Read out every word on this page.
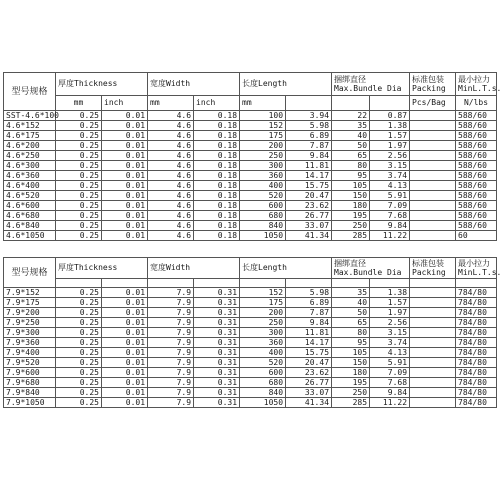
型号规格	厚度Thickness		宽度Width		长度Length		捆绑直径Max.Bundle Dia		标准包装 Packing	最小拉力 MinL.T.s.
	mm	inch	mm	inch	mm				Pcs/Bag	N/lbs
SST-4.6*100	0.25	0.01	4.6	0.18	100	3.94	22	0.87		588/60
4.6*152	0.25	0.01	4.6	0.18	152	5.98	35	1.38		588/60
4.6*175	0.25	0.01	4.6	0.18	175	6.89	40	1.57		588/60
4.6*200	0.25	0.01	4.6	0.18	200	7.87	50	1.97		588/60
4.6*250	0.25	0.01	4.6	0.18	250	9.84	65	2.56		588/60
4.6*300	0.25	0.01	4.6	0.18	300	11.81	80	3.15		588/60
4.6*360	0.25	0.01	4.6	0.18	360	14.17	95	3.74		588/60
4.6*400	0.25	0.01	4.6	0.18	400	15.75	105	4.13		588/60
4.6*520	0.25	0.01	4.6	0.18	520	20.47	150	5.91		588/60
4.6*600	0.25	0.01	4.6	0.18	600	23.62	180	7.09		588/60
4.6*680	0.25	0.01	4.6	0.18	680	26.77	195	7.68		588/60
4.6*840	0.25	0.01	4.6	0.18	840	33.07	250	9.84		588/60
4.6*1050	0.25	0.01	4.6	0.18	1050	41.34	285	11.22		60
型号规格	厚度Thickness		宽度Width		长度Length		捆绑直径Max.Bundle Dia		标准包装 Packing	最小拉力 MinL.T.s.

7.9*152	0.25	0.01	7.9	0.31	152	5.98	35	1.38		784/80
7.9*175	0.25	0.01	7.9	0.31	175	6.89	40	1.57		784/80
7.9*200	0.25	0.01	7.9	0.31	200	7.87	50	1.97		784/80
7.9*250	0.25	0.01	7.9	0.31	250	9.84	65	2.56		784/80
7.9*300	0.25	0.01	7.9	0.31	300	11.81	80	3.15		784/80
7.9*360	0.25	0.01	7.9	0.31	360	14.17	95	3.74		784/80
7.9*400	0.25	0.01	7.9	0.31	400	15.75	105	4.13		784/80
7.9*520	0.25	0.01	7.9	0.31	520	20.47	150	5.91		784/80
7.9*600	0.25	0.01	7.9	0.31	600	23.62	180	7.09		784/80
7.9*680	0.25	0.01	7.9	0.31	680	26.77	195	7.68		784/80
7.9*840	0.25	0.01	7.9	0.31	840	33.07	250	9.84		784/80
7.9*1050	0.25	0.01	7.9	0.31	1050	41.34	285	11.22		784/80
